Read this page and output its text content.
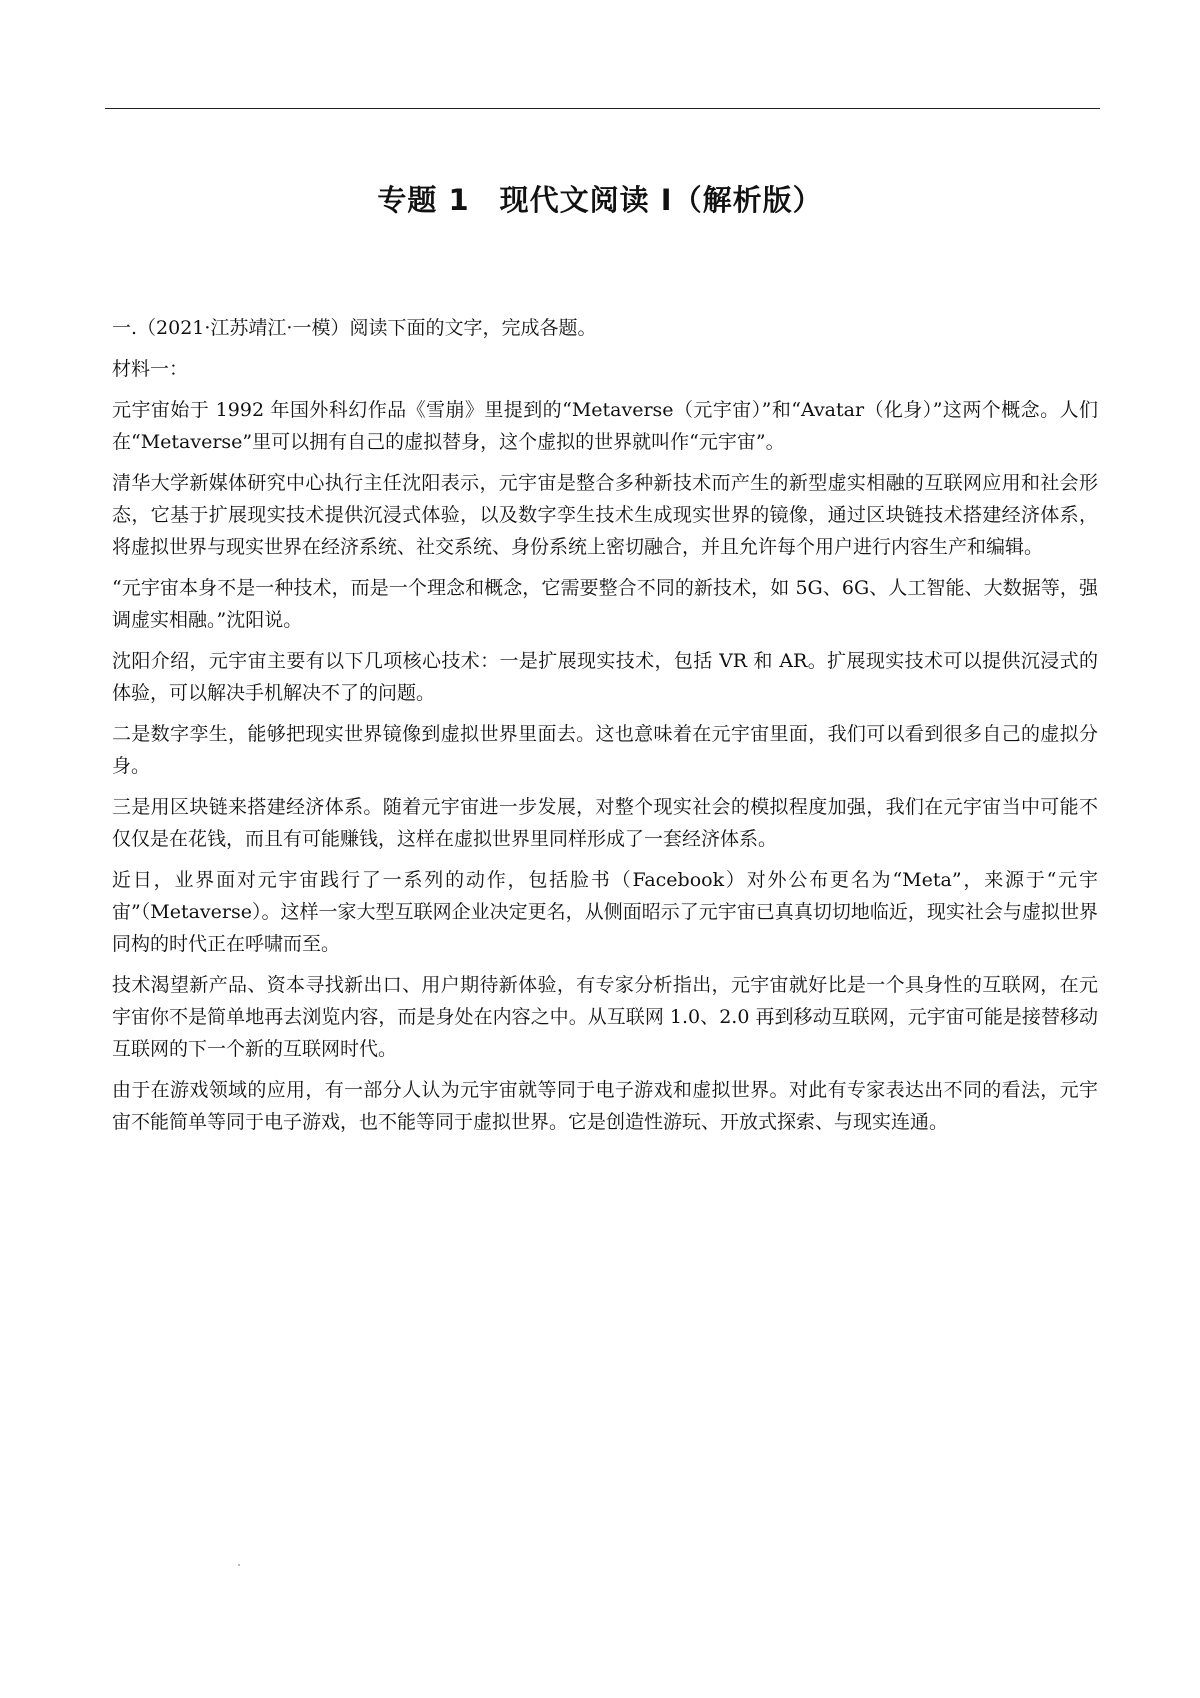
专题 1　现代文阅读 I（解析版）

一.（2021·江苏靖江·一模）阅读下面的文字，完成各题。

材料一：

元宇宙始于 1992 年国外科幻作品《雪崩》里提到的“Metaverse（元宇宙）”和“Avatar（化身）”这两个概念。人们在“Metaverse”里可以拥有自己的虚拟替身，这个虚拟的世界就叫作“元宇宙”。

清华大学新媒体研究中心执行主任沈阳表示，元宇宙是整合多种新技术而产生的新型虚实相融的互联网应用和社会形态，它基于扩展现实技术提供沉浸式体验，以及数字孪生技术生成现实世界的镜像，通过区块链技术搭建经济体系，将虚拟世界与现实世界在经济系统、社交系统、身份系统上密切融合，并且允许每个用户进行内容生产和编辑。

“元宇宙本身不是一种技术，而是一个理念和概念，它需要整合不同的新技术，如 5G、6G、人工智能、大数据等，强调虚实相融。”沈阳说。

沈阳介绍，元宇宙主要有以下几项核心技术：一是扩展现实技术，包括 VR 和 AR。扩展现实技术可以提供沉浸式的体验，可以解决手机解决不了的问题。

二是数字孪生，能够把现实世界镜像到虚拟世界里面去。这也意味着在元宇宙里面，我们可以看到很多自己的虚拟分身。

三是用区块链来搭建经济体系。随着元宇宙进一步发展，对整个现实社会的模拟程度加强，我们在元宇宙当中可能不仅仅是在花钱，而且有可能赚钱，这样在虚拟世界里同样形成了一套经济体系。

近日，业界面对元宇宙践行了一系列的动作，包括脸书（Facebook）对外公布更名为“Meta”，来源于“元宇宙”（Metaverse）。这样一家大型互联网企业决定更名，从侧面昭示了元宇宙已真真切切地临近，现实社会与虚拟世界同构的时代正在呼啸而至。

技术渴望新产品、资本寻找新出口、用户期待新体验，有专家分析指出，元宇宙就好比是一个具身性的互联网，在元宇宙你不是简单地再去浏览内容，而是身处在内容之中。从互联网 1.0、2.0 再到移动互联网，元宇宙可能是接替移动互联网的下一个新的互联网时代。

由于在游戏领域的应用，有一部分人认为元宇宙就等同于电子游戏和虚拟世界。对此有专家表达出不同的看法，元宇宙不能简单等同于电子游戏，也不能等同于虚拟世界。它是创造性游玩、开放式探索、与现实连通。
